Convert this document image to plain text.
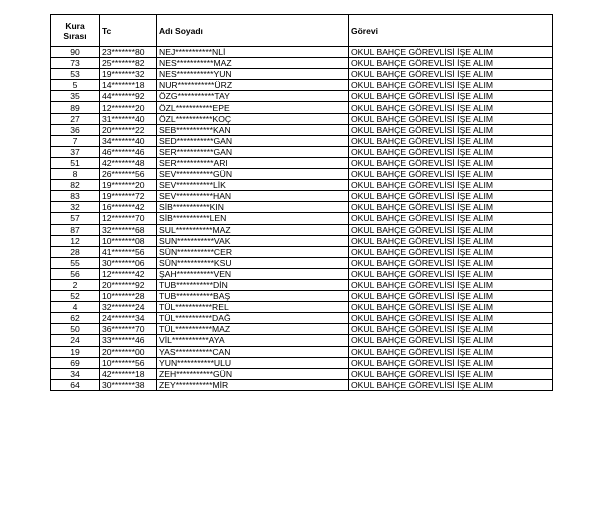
Kura
Sırası	Tc	Adı Soyadı	Görevi
90	23*******80	NEJ***********NLİ	OKUL BAHÇE GÖREVLİSİ İŞE ALIM
73	25*******82	NES***********MAZ	OKUL BAHÇE GÖREVLİSİ İŞE ALIM
53	19*******32	NES***********YUN	OKUL BAHÇE GÖREVLİSİ İŞE ALIM
5	14*******18	NUR***********ÜRZ	OKUL BAHÇE GÖREVLİSİ İŞE ALIM
35	44*******92	ÖZG***********TAY	OKUL BAHÇE GÖREVLİSİ İŞE ALIM
89	12*******20	ÖZL***********EPE	OKUL BAHÇE GÖREVLİSİ İŞE ALIM
27	31*******40	ÖZL***********KOÇ	OKUL BAHÇE GÖREVLİSİ İŞE ALIM
36	20*******22	SEB***********KAN	OKUL BAHÇE GÖREVLİSİ İŞE ALIM
7	34*******40	SED***********GAN	OKUL BAHÇE GÖREVLİSİ İŞE ALIM
37	46*******46	SER***********GAN	OKUL BAHÇE GÖREVLİSİ İŞE ALIM
51	42*******48	SER***********ARI	OKUL BAHÇE GÖREVLİSİ İŞE ALIM
8	26*******56	SEV***********GÜN	OKUL BAHÇE GÖREVLİSİ İŞE ALIM
82	19*******20	SEV***********LİK	OKUL BAHÇE GÖREVLİSİ İŞE ALIM
83	19*******72	SEV***********HAN	OKUL BAHÇE GÖREVLİSİ İŞE ALIM
32	16*******42	SİB***********KIN	OKUL BAHÇE GÖREVLİSİ İŞE ALIM
57	12*******70	SİB***********LEN	OKUL BAHÇE GÖREVLİSİ İŞE ALIM
87	32*******68	SUL***********MAZ	OKUL BAHÇE GÖREVLİSİ İŞE ALIM
12	10*******08	SUN***********VAK	OKUL BAHÇE GÖREVLİSİ İŞE ALIM
28	41*******56	SÜN***********CER	OKUL BAHÇE GÖREVLİSİ İŞE ALIM
55	30*******06	SÜN***********KSU	OKUL BAHÇE GÖREVLİSİ İŞE ALIM
56	12*******42	ŞAH***********VEN	OKUL BAHÇE GÖREVLİSİ İŞE ALIM
2	20*******92	TUB***********DİN	OKUL BAHÇE GÖREVLİSİ İŞE ALIM
52	10*******28	TUB***********BAŞ	OKUL BAHÇE GÖREVLİSİ İŞE ALIM
4	32*******24	TÜL***********REL	OKUL BAHÇE GÖREVLİSİ İŞE ALIM
62	24*******34	TÜL***********DAĞ	OKUL BAHÇE GÖREVLİSİ İŞE ALIM
50	36*******70	TÜL***********MAZ	OKUL BAHÇE GÖREVLİSİ İŞE ALIM
24	33*******46	VİL***********AYA	OKUL BAHÇE GÖREVLİSİ İŞE ALIM
19	20*******00	YAS***********CAN	OKUL BAHÇE GÖREVLİSİ İŞE ALIM
69	10*******56	YUN***********ULU	OKUL BAHÇE GÖREVLİSİ İŞE ALIM
34	42*******18	ZEH***********GÜN	OKUL BAHÇE GÖREVLİSİ İŞE ALIM
64	30*******38	ZEY***********MİR	OKUL BAHÇE GÖREVLİSİ İŞE ALIM
